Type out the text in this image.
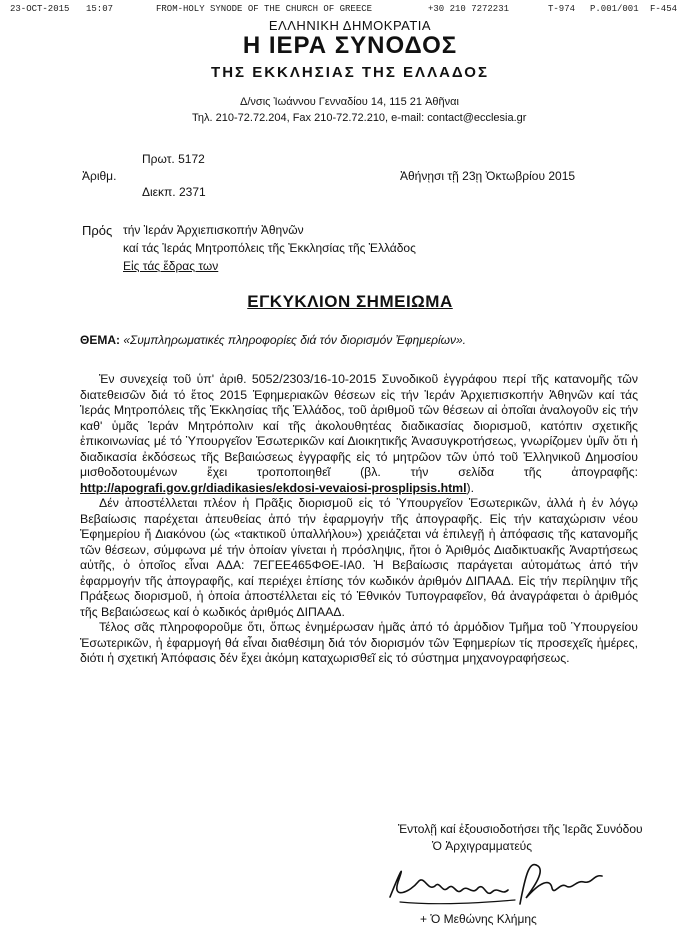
23-OCT-2015 15:07	FROM-HOLY SYNODE OF THE CHURCH OF GREECE	+30 210 7272231	T-974 P.001/001 F-454
ΕΛΛΗΝΙΚΗ ΔΗΜΟΚΡΑΤΙΑ
Η ΙΕΡΑ ΣΥΝΟΔΟΣ
ΤΗΣ ΕΚΚΛΗΣΙΑΣ ΤΗΣ ΕΛΛΑΔΟΣ
Δ/νσις Ἰωάννου Γενναδίου 14, 115 21 Ἀθῆναι
Τηλ. 210-72.72.204, Fax 210-72.72.210, e-mail: contact@ecclesia.gr
Πρωτ. 5172
Ἀριθμ.	Ἀθήνῃσι τῇ 23ῃ Ὀκτωβρίου 2015
Διεκπ. 2371
Πρός τήν Ἱεράν Ἀρχιεπισκοπήν Ἀθηνῶν
καί τάς Ἱεράς Μητροπόλεις τῆς Ἐκκλησίας τῆς Ἑλλάδος
Εἰς τάς ἕδρας των
ΕΓΚΥΚΛΙΟΝ ΣΗΜΕΙΩΜΑ
ΘΕΜΑ: «Συμπληρωματικές πληροφορίες διά τόν διορισμόν Ἐφημερίων».

Ἐν συνεχείᾳ τοῦ ὑπ' ἀριθ. 5052/2303/16-10-2015 Συνοδικοῦ ἐγγράφου περί τῆς κατανομῆς τῶν διατεθεισῶν διά τό ἔτος 2015 Ἐφημεριακῶν θέσεων εἰς τήν Ἱεράν Ἀρχιεπισκοπήν Ἀθηνῶν καί τάς Ἱεράς Μητροπόλεις τῆς Ἐκκλησίας τῆς Ἑλλάδος, τοῦ ἀριθμοῦ τῶν θέσεων αἱ ὁποῖαι ἀναλογοῦν εἰς τήν καθ' ὑμᾶς Ἱεράν Μητρόπολιν καί τῆς ἀκολουθητέας διαδικασίας διορισμοῦ, κατόπιν σχετικῆς ἐπικοινωνίας μέ τό Ὑπουργεῖον Ἐσωτερικῶν καί Διοικητικῆς Ἀνασυγκροτήσεως, γνωρίζομεν ὑμῖν ὅτι ἡ διαδικασία ἐκδόσεως τῆς Βεβαιώσεως ἐγγραφῆς εἰς τό μητρῶον τῶν ὑπό τοῦ Ἑλληνικοῦ Δημοσίου μισθοδοτουμένων ἔχει τροποποιηθεῖ (βλ. τήν σελίδα τῆς ἀπογραφῆς: http://apografi.gov.gr/diadikasies/ekdosi-vevaiosi-prosplipsis.html).

Δέν ἀποστέλλεται πλέον ἡ Πρᾶξις διορισμοῦ εἰς τό Ὑπουργεῖον Ἐσωτερικῶν, ἀλλά ἡ ἐν λόγῳ Βεβαίωσις παρέχεται ἀπευθείας ἀπό τήν ἐφαρμογήν τῆς ἀπογραφῆς. Εἰς τήν καταχώρισιν νέου Ἐφημερίου ἤ Διακόνου (ὡς «τακτικοῦ ὑπαλλήλου») χρειάζεται νά ἐπιλεγῇ ἡ ἀπόφασις τῆς κατανομῆς τῶν θέσεων, σύμφωνα μέ τήν ὁποίαν γίνεται ἡ πρόσληψις, ἤτοι ὁ Ἀριθμός Διαδικτυακῆς Ἀναρτήσεως αὐτῆς, ὁ ὁποῖος εἶναι ΑΔΑ: 7ΕΓΕΕ465ΦΘΕ-ΙΑ0. Ἡ Βεβαίωσις παράγεται αὐτομάτως ἀπό τήν ἐφαρμογήν τῆς ἀπογραφῆς, καί περιέχει ἐπίσης τόν κωδικόν ἀριθμόν ΔΙΠΑΑΔ. Εἰς τήν περίληψιν τῆς Πράξεως διορισμοῦ, ἡ ὁποία ἀποστέλλεται εἰς τό Ἐθνικόν Τυπογραφεῖον, θά ἀναγράφεται ὁ ἀριθμός τῆς Βεβαιώσεως καί ὁ κωδικός ἀριθμός ΔΙΠΑΑΔ.

Τέλος σᾶς πληροφοροῦμε ὅτι, ὅπως ἐνημέρωσαν ἡμᾶς ἀπό τό ἁρμόδιον Τμῆμα τοῦ Ὑπουργείου Ἐσωτερικῶν, ἡ ἐφαρμογή θά εἶναι διαθέσιμη διά τόν διορισμόν τῶν Ἐφημερίων τίς προσεχεῖς ἡμέρες, διότι ἡ σχετική Ἀπόφασις δέν ἔχει ἀκόμη καταχωρισθεῖ εἰς τό σύστημα μηχανογραφήσεως.

Ἐντολῇ καί ἐξουσιοδοτήσει τῆς Ἱερᾶς Συνόδου
Ὁ Ἀρχιγραμματεύς
+ Ὁ Μεθώνης Κλήμης
